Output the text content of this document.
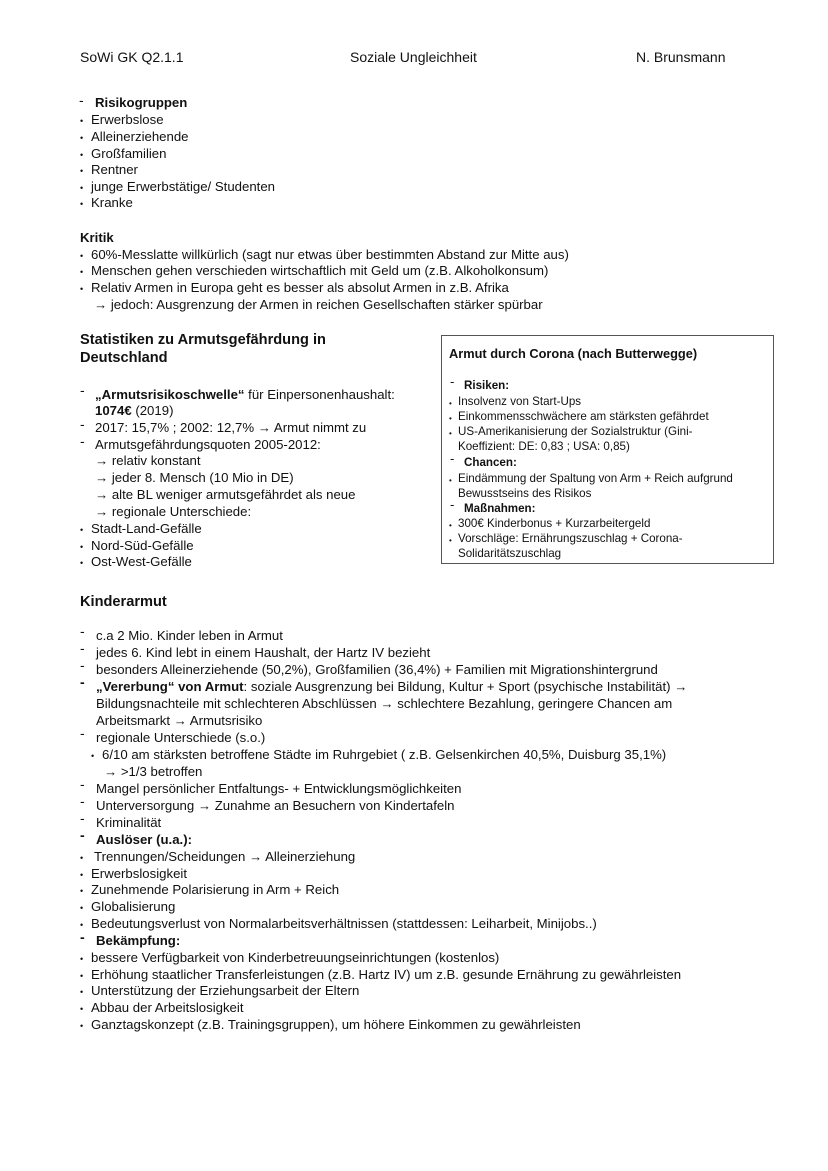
SoWi GK Q2.1.1	Soziale Ungleichheit	N. Brunsmann
- Risikogruppen
• Erwerbslose
• Alleinerziehende
• Großfamilien
• Rentner
• junge Erwerbstätige/ Studenten
• Kranke
Kritik
• 60%-Messlatte willkürlich (sagt nur etwas über bestimmten Abstand zur Mitte aus)
• Menschen gehen verschieden wirtschaftlich mit Geld um (z.B. Alkoholkonsum)
• Relativ Armen in Europa geht es besser als absolut Armen in z.B. Afrika
→ jedoch: Ausgrenzung der Armen in reichen Gesellschaften stärker spürbar
Statistiken zu Armutsgefährdung in
Deutschland
- „Armutsrisikoschwelle“ für Einpersonenhaushalt:
1074€ (2019)
- 2017: 15,7% ; 2002: 12,7% → Armut nimmt zu
- Armutsgefährdungsquoten 2005-2012:
→ relativ konstant
→ jeder 8. Mensch (10 Mio in DE)
→ alte BL weniger armutsgefährdet als neue
→ regionale Unterschiede:
• Stadt-Land-Gefälle
• Nord-Süd-Gefälle
• Ost-West-Gefälle
Armut durch Corona (nach Butterwegge)
- Risiken:
• Insolvenz von Start-Ups
• Einkommensschwächere am stärksten gefährdet
• US-Amerikanisierung der Sozialstruktur (Gini-
Koeffizient: DE: 0,83 ; USA: 0,85)
- Chancen:
• Eindämmung der Spaltung von Arm + Reich aufgrund
Bewusstseins des Risikos
- Maßnahmen:
• 300€ Kinderbonus + Kurzarbeitergeld
• Vorschläge: Ernährungszuschlag + Corona-
Solidaritätszuschlag
Kinderarmut
- c.a 2 Mio. Kinder leben in Armut
- jedes 6. Kind lebt in einem Haushalt, der Hartz IV bezieht
- besonders Alleinerziehende (50,2%), Großfamilien (36,4%) + Familien mit Migrationshintergrund
- „Vererbung“ von Armut: soziale Ausgrenzung bei Bildung, Kultur + Sport (psychische Instabilität) →
Bildungsnachteile mit schlechteren Abschlüssen → schlechtere Bezahlung, geringere Chancen am
Arbeitsmarkt → Armutsrisiko
- regionale Unterschiede (s.o.)
• 6/10 am stärksten betroffene Städte im Ruhrgebiet ( z.B. Gelsenkirchen 40,5%, Duisburg 35,1%)
→ >1/3 betroffen
- Mangel persönlicher Entfaltungs- + Entwicklungsmöglichkeiten
- Unterversorgung → Zunahme an Besuchern von Kindertafeln
- Kriminalität
- Auslöser (u.a.):
• Trennungen/Scheidungen → Alleinerziehung
• Erwerbslosigkeit
• Zunehmende Polarisierung in Arm + Reich
• Globalisierung
• Bedeutungsverlust von Normalarbeitsverhältnissen (stattdessen: Leiharbeit, Minijobs..)
- Bekämpfung:
• bessere Verfügbarkeit von Kinderbetreuungseinrichtungen (kostenlos)
• Erhöhung staatlicher Transferleistungen (z.B. Hartz IV) um z.B. gesunde Ernährung zu gewährleisten
• Unterstützung der Erziehungsarbeit der Eltern
• Abbau der Arbeitslosigkeit
• Ganztagskonzept (z.B. Trainingsgruppen), um höhere Einkommen zu gewährleisten
